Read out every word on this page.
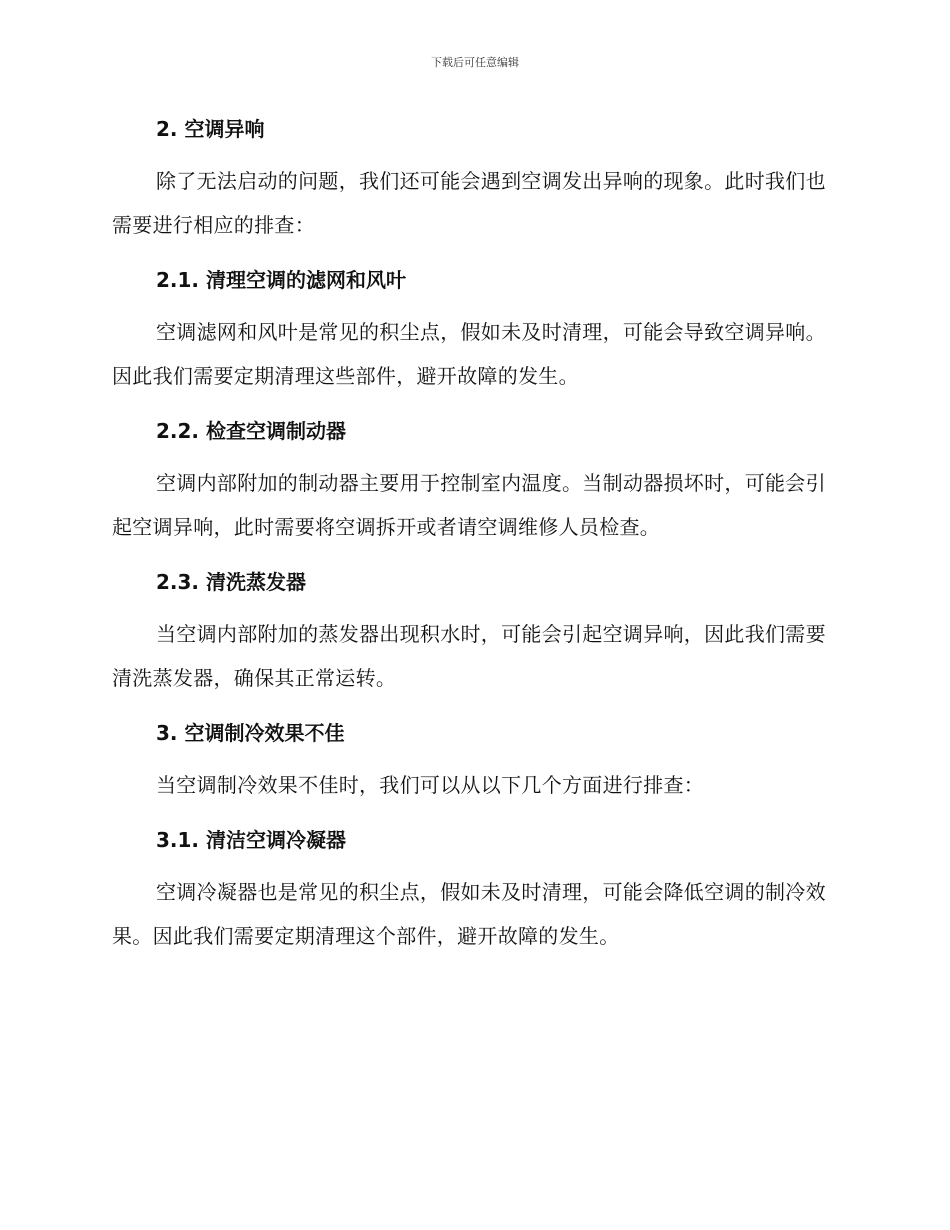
下载后可任意编辑
2. 空调异响

除了无法启动的问题，我们还可能会遇到空调发出异响的现象。此时我们也需要进行相应的排查：

2.1. 清理空调的滤网和风叶

空调滤网和风叶是常见的积尘点，假如未及时清理，可能会导致空调异响。因此我们需要定期清理这些部件，避开故障的发生。

2.2. 检查空调制动器

空调内部附加的制动器主要用于控制室内温度。当制动器损坏时，可能会引起空调异响，此时需要将空调拆开或者请空调维修人员检查。

2.3. 清洗蒸发器

当空调内部附加的蒸发器出现积水时，可能会引起空调异响，因此我们需要清洗蒸发器，确保其正常运转。

3. 空调制冷效果不佳

当空调制冷效果不佳时，我们可以从以下几个方面进行排查：

3.1. 清洁空调冷凝器

空调冷凝器也是常见的积尘点，假如未及时清理，可能会降低空调的制冷效果。因此我们需要定期清理这个部件，避开故障的发生。
